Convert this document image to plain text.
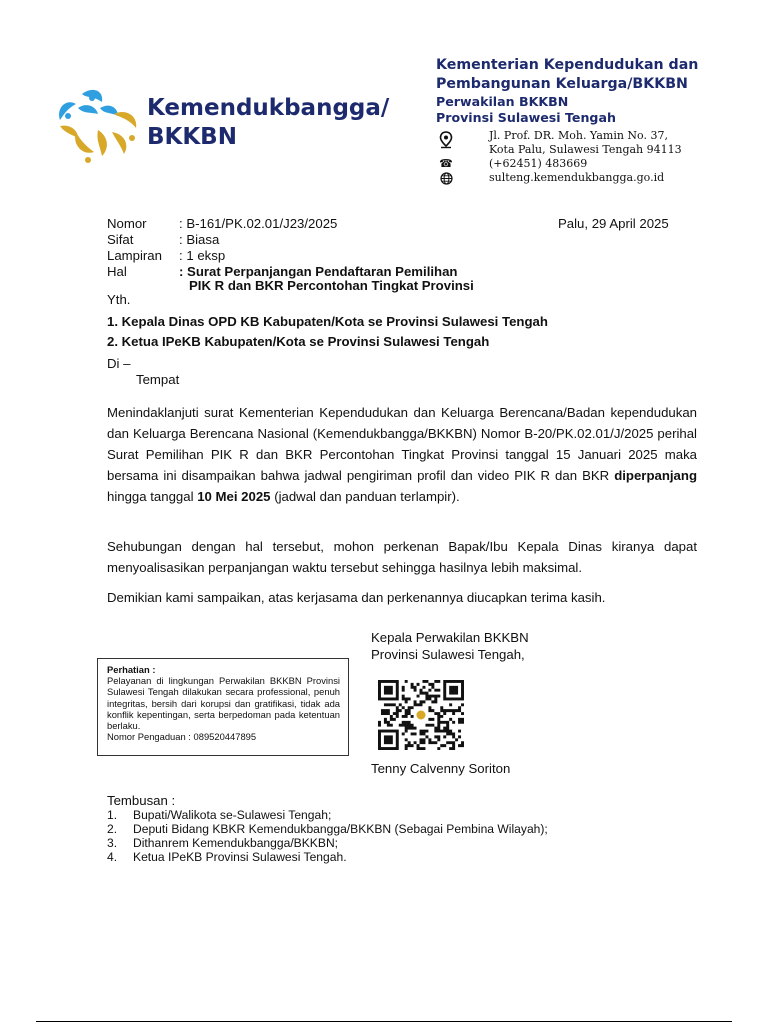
Kemendukbangga/
BKKBN
Kementerian Kependudukan dan
Pembangunan Keluarga/BKKBN
Perwakilan BKKBN
Provinsi Sulawesi Tengah
Jl. Prof. DR. Moh. Yamin No. 37,
Kota Palu, Sulawesi Tengah 94113
☎	(+62451) 483669
sulteng.kemendukbangga.go.id
Nomor : B-161/PK.02.01/J23/2025
Sifat	: Biasa
Lampiran : 1 eksp
Hal	: Surat Perpanjangan Pendaftaran Pemilihan
PIK R dan BKR Percontohan Tingkat Provinsi
Palu, 29 April 2025
Yth.
1. Kepala Dinas OPD KB Kabupaten/Kota se Provinsi Sulawesi Tengah
2. Ketua IPeKB Kabupaten/Kota se Provinsi Sulawesi Tengah
Di –
Tempat
Menindaklanjuti surat Kementerian Kependudukan dan Keluarga Berencana/Badan kependudukan dan Keluarga Berencana Nasional (Kemendukbangga/BKKBN) Nomor B-20/PK.02.01/J/2025 perihal Surat Pemilihan PIK R dan BKR Percontohan Tingkat Provinsi tanggal 15 Januari 2025 maka bersama ini disampaikan bahwa jadwal pengiriman profil dan video PIK R dan BKR diperpanjang hingga tanggal 10 Mei 2025 (jadwal dan panduan terlampir).
Sehubungan dengan hal tersebut, mohon perkenan Bapak/Ibu Kepala Dinas kiranya dapat menyoalisasikan perpanjangan waktu tersebut sehingga hasilnya lebih maksimal.
Demikian kami sampaikan, atas kerjasama dan perkenannya diucapkan terima kasih.
Kepala Perwakilan BKKBN
Provinsi Sulawesi Tengah,
Tenny Calvenny Soriton
Perhatian :
Pelayanan di lingkungan Perwakilan BKKBN Provinsi Sulawesi Tengah dilakukan secara professional, penuh integritas, bersih dari korupsi dan gratifikasi, tidak ada konflik kepentingan, serta berpedoman pada ketentuan berlaku.
Nomor Pengaduan : 089520447895
Tembusan :
1. Bupati/Walikota se-Sulawesi Tengah;
2. Deputi Bidang KBKR Kemendukbangga/BKKBN (Sebagai Pembina Wilayah);
3. Dithanrem Kemendukbangga/BKKBN;
4. Ketua IPeKB Provinsi Sulawesi Tengah.
